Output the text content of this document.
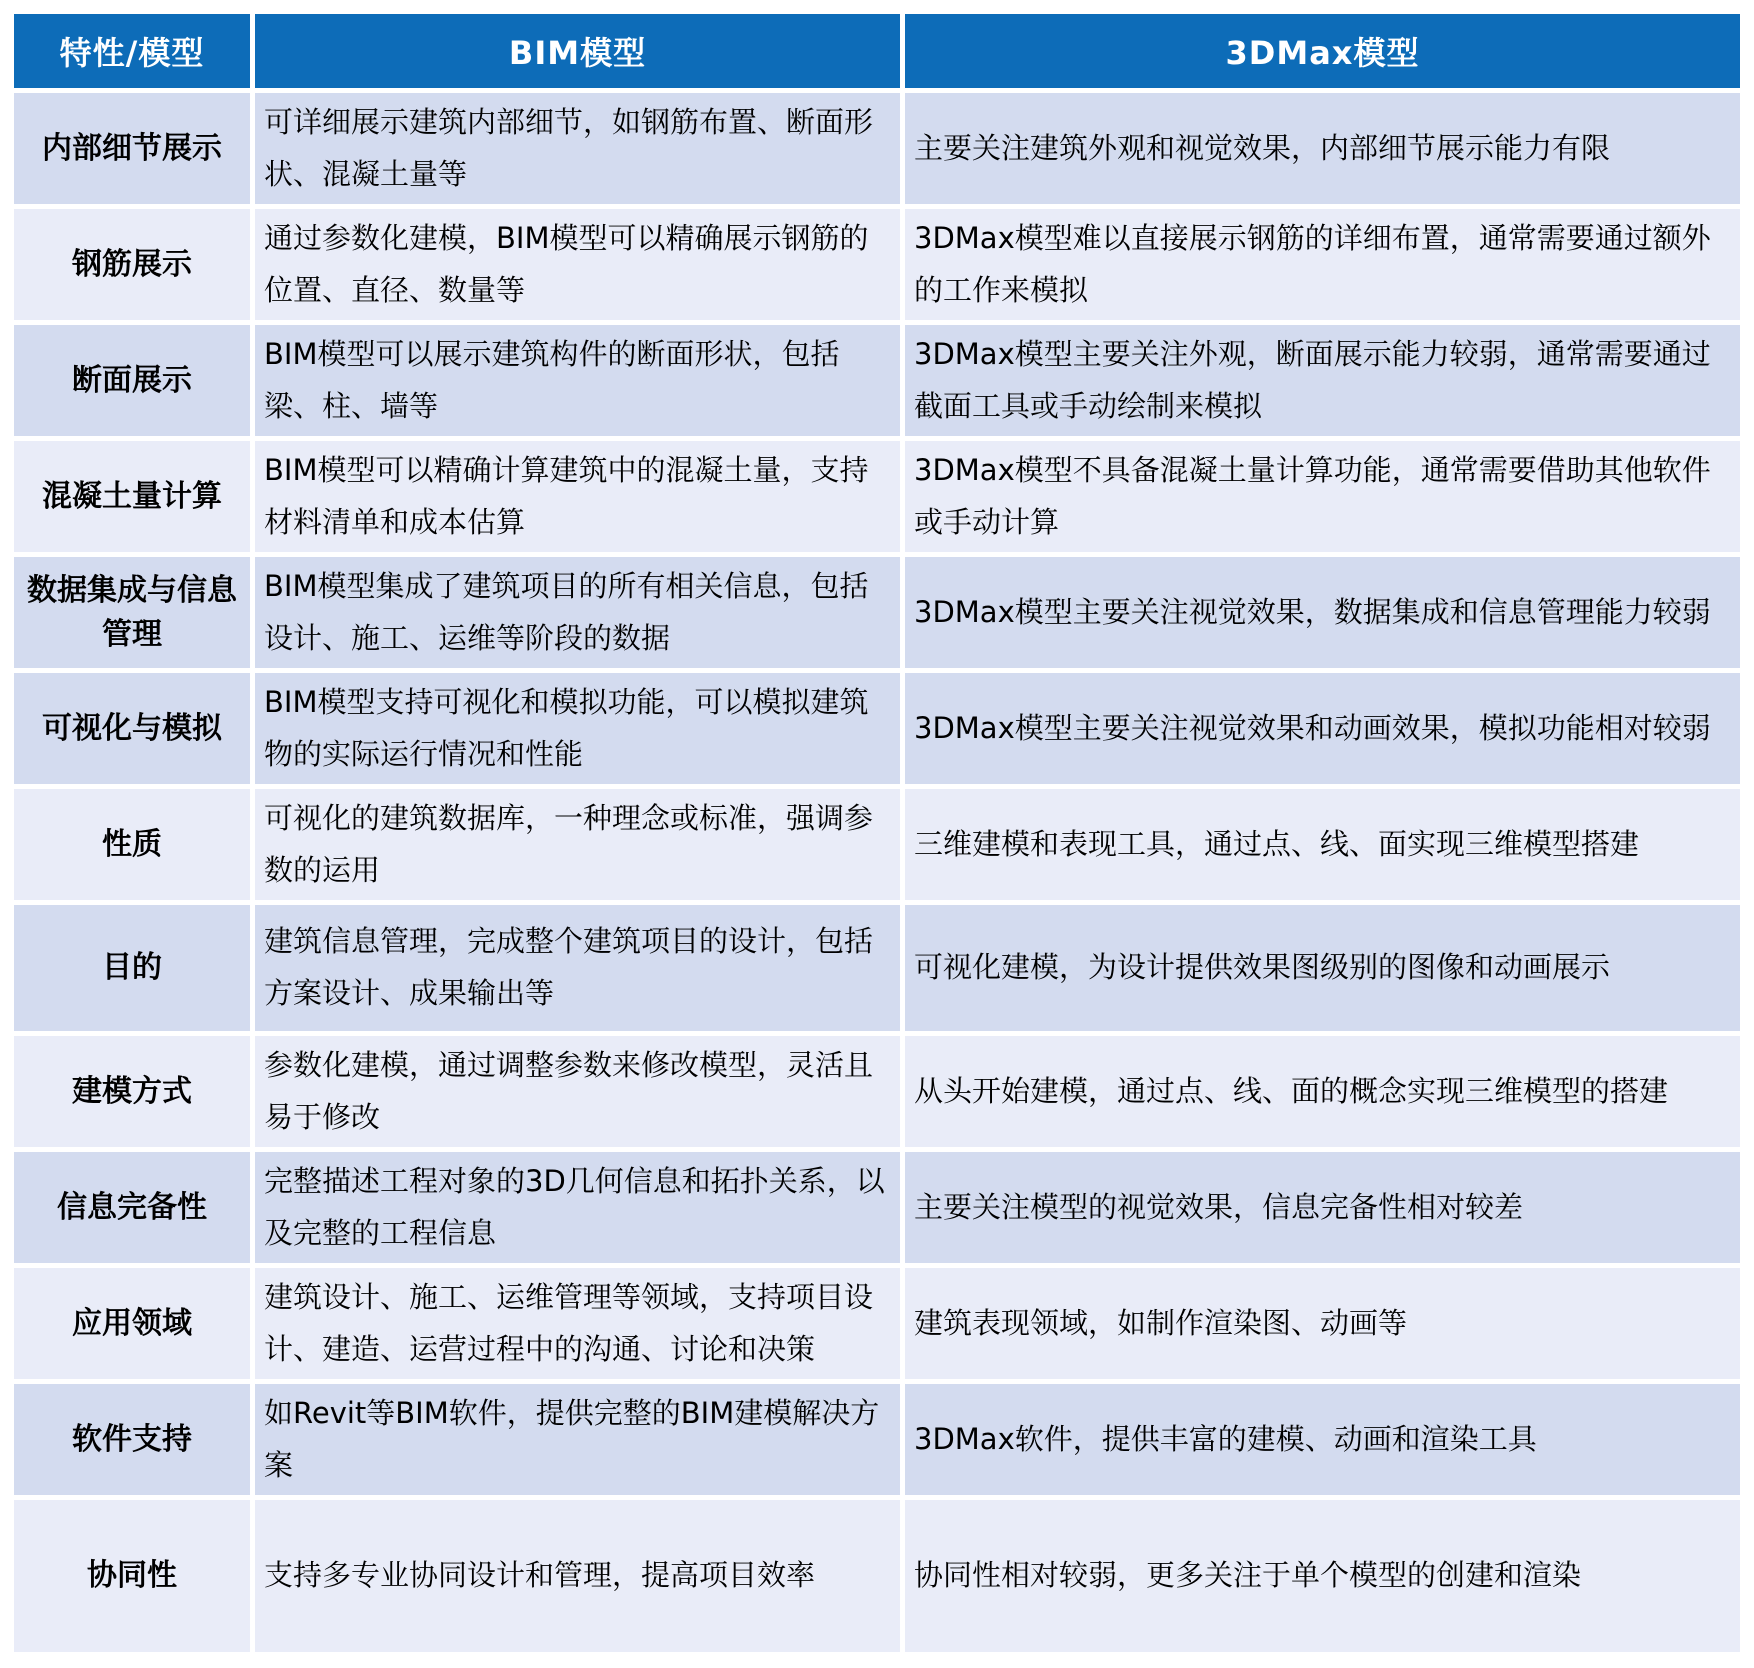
特性/模型	BIM模型	3DMax模型
内部细节展示	可详细展示建筑内部细节，如钢筋布置、断面形状、混凝土量等	主要关注建筑外观和视觉效果，内部细节展示能力有限
钢筋展示	通过参数化建模，BIM模型可以精确展示钢筋的位置、直径、数量等	3DMax模型难以直接展示钢筋的详细布置，通常需要通过额外的工作来模拟
断面展示	BIM模型可以展示建筑构件的断面形状，包括梁、柱、墙等	3DMax模型主要关注外观，断面展示能力较弱，通常需要通过截面工具或手动绘制来模拟
混凝土量计算	BIM模型可以精确计算建筑中的混凝土量，支持材料清单和成本估算	3DMax模型不具备混凝土量计算功能，通常需要借助其他软件或手动计算
数据集成与信息管理	BIM模型集成了建筑项目的所有相关信息，包括设计、施工、运维等阶段的数据	3DMax模型主要关注视觉效果，数据集成和信息管理能力较弱
可视化与模拟	BIM模型支持可视化和模拟功能，可以模拟建筑物的实际运行情况和性能	3DMax模型主要关注视觉效果和动画效果，模拟功能相对较弱
性质	可视化的建筑数据库，一种理念或标准，强调参数的运用	三维建模和表现工具，通过点、线、面实现三维模型搭建
目的	建筑信息管理，完成整个建筑项目的设计，包括方案设计、成果输出等	可视化建模，为设计提供效果图级别的图像和动画展示
建模方式	参数化建模，通过调整参数来修改模型，灵活且易于修改	从头开始建模，通过点、线、面的概念实现三维模型的搭建
信息完备性	完整描述工程对象的3D几何信息和拓扑关系，以及完整的工程信息	主要关注模型的视觉效果，信息完备性相对较差
应用领域	建筑设计、施工、运维管理等领域，支持项目设计、建造、运营过程中的沟通、讨论和决策	建筑表现领域，如制作渲染图、动画等
软件支持	如Revit等BIM软件，提供完整的BIM建模解决方案	3DMax软件，提供丰富的建模、动画和渲染工具
协同性	支持多专业协同设计和管理，提高项目效率	协同性相对较弱，更多关注于单个模型的创建和渲染
